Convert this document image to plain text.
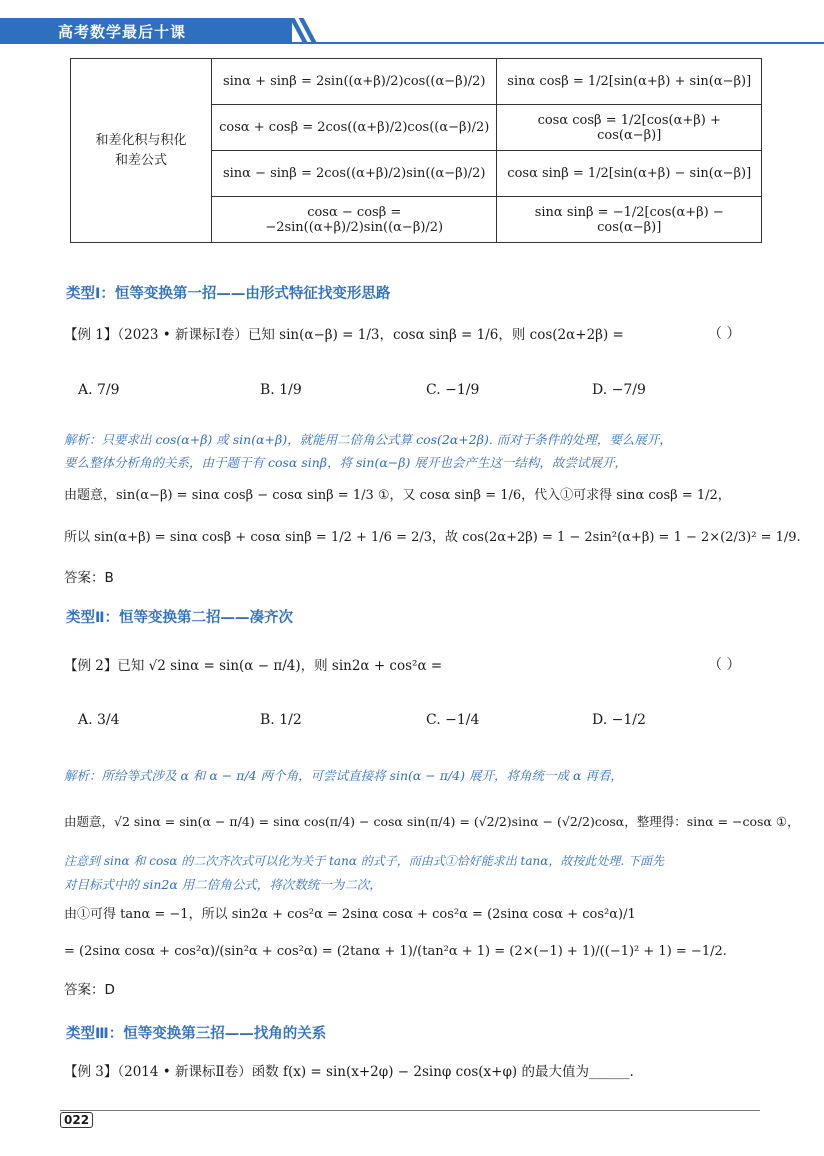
高考数学最后十课
和差化积与积化和差公式	sinα + sinβ = 2sin((α+β)/2)cos((α−β)/2)	sinα cosβ = 1/2[sin(α+β) + sin(α−β)]
	cosα + cosβ = 2cos((α+β)/2)cos((α−β)/2)	cosα cosβ = 1/2[cos(α+β) + cos(α−β)]
	sinα − sinβ = 2cos((α+β)/2)sin((α−β)/2)	cosα sinβ = 1/2[sin(α+β) − sin(α−β)]
	cosα − cosβ = −2sin((α+β)/2)sin((α−β)/2)	sinα sinβ = −1/2[cos(α+β) − cos(α−β)]
类型Ⅰ：恒等变换第一招——由形式特征找变形思路
【例 1】（2023 • 新课标Ⅰ卷）已知 sin(α−β) = 1/3，cosα sinβ = 1/6，则 cos(2α+2β) =	（ ）
A. 7/9	B. 1/9	C. −1/9	D. −7/9
解析：只要求出 cos(α+β) 或 sin(α+β)，就能用二倍角公式算 cos(2α+2β). 而对于条件的处理，要么展开，
要么整体分析角的关系，由于题干有 cosα sinβ，将 sin(α−β) 展开也会产生这一结构，故尝试展开，
由题意，sin(α−β) = sinα cosβ − cosα sinβ = 1/3 ①，又 cosα sinβ = 1/6，代入①可求得 sinα cosβ = 1/2，
所以 sin(α+β) = sinα cosβ + cosα sinβ = 1/2 + 1/6 = 2/3，故 cos(2α+2β) = 1 − 2sin²(α+β) = 1 − 2×(2/3)² = 1/9.
答案：B
类型Ⅱ：恒等变换第二招——凑齐次
【例 2】已知 √2 sinα = sin(α − π/4)，则 sin2α + cos²α =	（ ）
A. 3/4	B. 1/2	C. −1/4	D. −1/2
解析：所给等式涉及 α 和 α − π/4 两个角，可尝试直接将 sin(α − π/4) 展开，将角统一成 α 再看，
由题意，√2 sinα = sin(α − π/4) = sinα cos(π/4) − cosα sin(π/4) = (√2/2)sinα − (√2/2)cosα，整理得：sinα = −cosα ①，
注意到 sinα 和 cosα 的二次齐次式可以化为关于 tanα 的式子，而由式①恰好能求出 tanα，故按此处理. 下面先
对目标式中的 sin2α 用二倍角公式，将次数统一为二次，
由①可得 tanα = −1，所以 sin2α + cos²α = 2sinα cosα + cos²α = (2sinα cosα + cos²α)/1
= (2sinα cosα + cos²α)/(sin²α + cos²α) = (2tanα + 1)/(tan²α + 1) = (2×(−1) + 1)/((−1)² + 1) = −1/2.
答案：D
类型Ⅲ：恒等变换第三招——找角的关系
【例 3】（2014 • 新课标Ⅱ卷）函数 f(x) = sin(x+2φ) − 2sinφ cos(x+φ) 的最大值为______.
022
